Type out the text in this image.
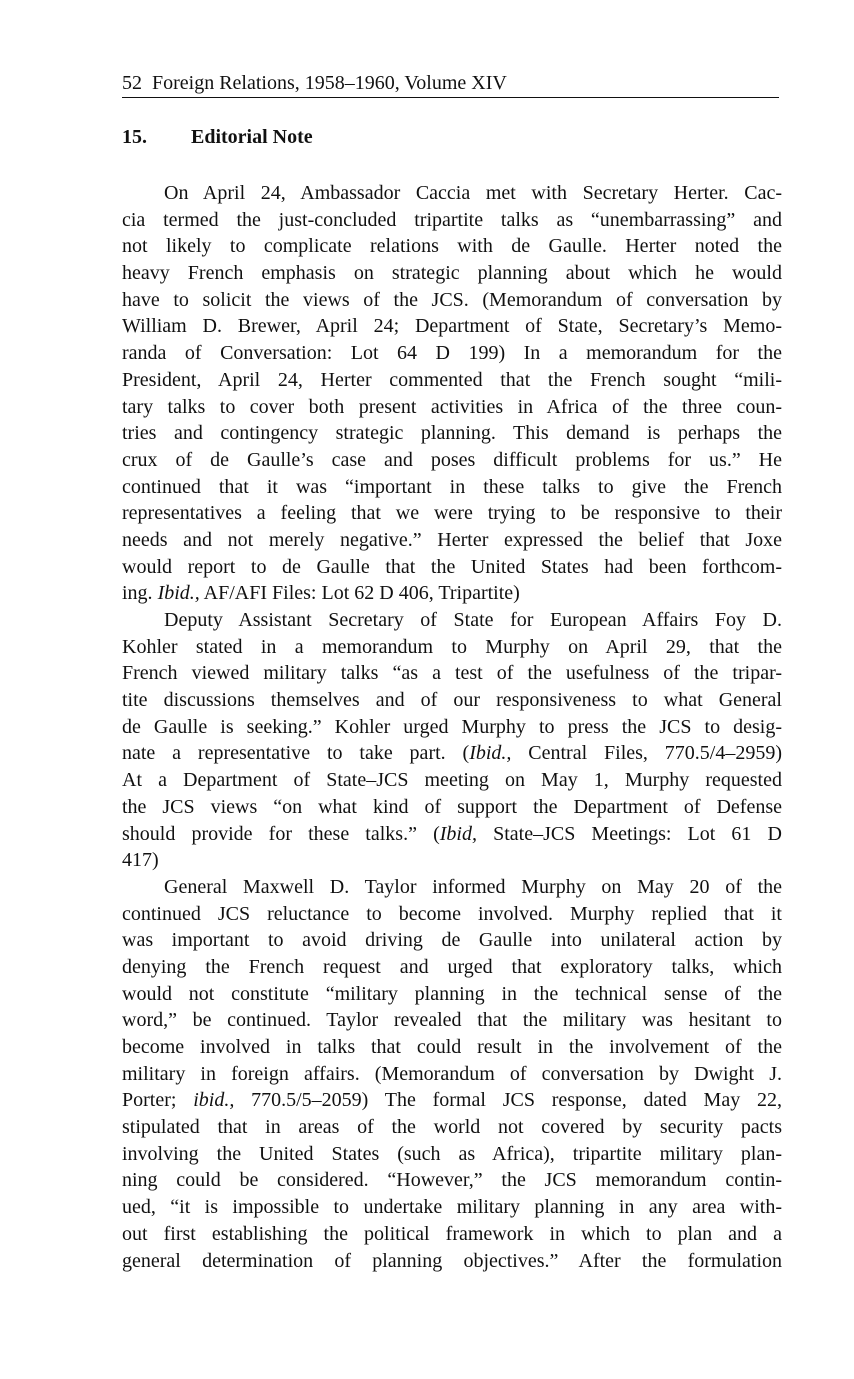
52 Foreign Relations, 1958–1960, Volume XIV
15. Editorial Note
On April 24, Ambassador Caccia met with Secretary Herter. Cac-
cia termed the just-concluded tripartite talks as “unembarrassing” and
not likely to complicate relations with de Gaulle. Herter noted the
heavy French emphasis on strategic planning about which he would
have to solicit the views of the JCS. (Memorandum of conversation by
William D. Brewer, April 24; Department of State, Secretary’s Memo-
randa of Conversation: Lot 64 D 199) In a memorandum for the
President, April 24, Herter commented that the French sought “mili-
tary talks to cover both present activities in Africa of the three coun-
tries and contingency strategic planning. This demand is perhaps the
crux of de Gaulle’s case and poses difficult problems for us.” He
continued that it was “important in these talks to give the French
representatives a feeling that we were trying to be responsive to their
needs and not merely negative.” Herter expressed the belief that Joxe
would report to de Gaulle that the United States had been forthcom-
ing. Ibid., AF/AFI Files: Lot 62 D 406, Tripartite)
Deputy Assistant Secretary of State for European Affairs Foy D.
Kohler stated in a memorandum to Murphy on April 29, that the
French viewed military talks “as a test of the usefulness of the tripar-
tite discussions themselves and of our responsiveness to what General
de Gaulle is seeking.” Kohler urged Murphy to press the JCS to desig-
nate a representative to take part. (Ibid., Central Files, 770.5/4–2959)
At a Department of State–JCS meeting on May 1, Murphy requested
the JCS views “on what kind of support the Department of Defense
should provide for these talks.” (Ibid, State–JCS Meetings: Lot 61 D
417)
General Maxwell D. Taylor informed Murphy on May 20 of the
continued JCS reluctance to become involved. Murphy replied that it
was important to avoid driving de Gaulle into unilateral action by
denying the French request and urged that exploratory talks, which
would not constitute “military planning in the technical sense of the
word,” be continued. Taylor revealed that the military was hesitant to
become involved in talks that could result in the involvement of the
military in foreign affairs. (Memorandum of conversation by Dwight J.
Porter; ibid., 770.5/5–2059) The formal JCS response, dated May 22,
stipulated that in areas of the world not covered by security pacts
involving the United States (such as Africa), tripartite military plan-
ning could be considered. “However,” the JCS memorandum contin-
ued, “it is impossible to undertake military planning in any area with-
out first establishing the political framework in which to plan and a
general determination of planning objectives.” After the formulation
